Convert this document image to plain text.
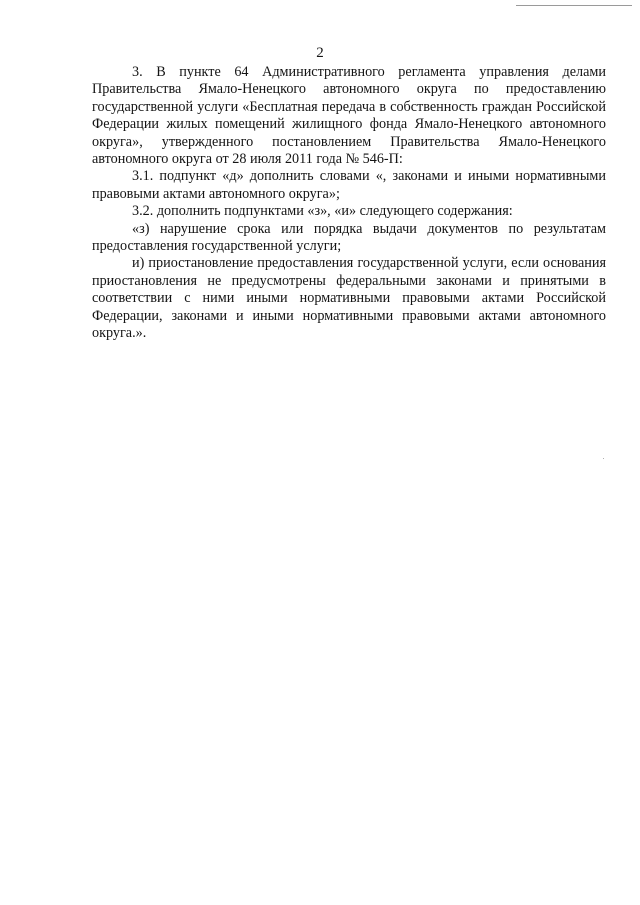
2

3. В пункте 64 Административного регламента управления делами Правительства Ямало-Ненецкого автономного округа по предоставлению государственной услуги «Бесплатная передача в собственность граждан Российской Федерации жилых помещений жилищного фонда Ямало-Ненецкого автономного округа», утвержденного постановлением Правительства Ямало-Ненецкого автономного округа от 28 июля 2011 года № 546-П:

3.1. подпункт «д» дополнить словами «, законами и иными нормативными правовыми актами автономного округа»;

3.2. дополнить подпунктами «з», «и» следующего содержания:

«з) нарушение срока или порядка выдачи документов по результатам предоставления государственной услуги;

и) приостановление предоставления государственной услуги, если основания приостановления не предусмотрены федеральными законами и принятыми в соответствии с ними иными нормативными правовыми актами Российской Федерации, законами и иными нормативными правовыми актами автономного округа.».
